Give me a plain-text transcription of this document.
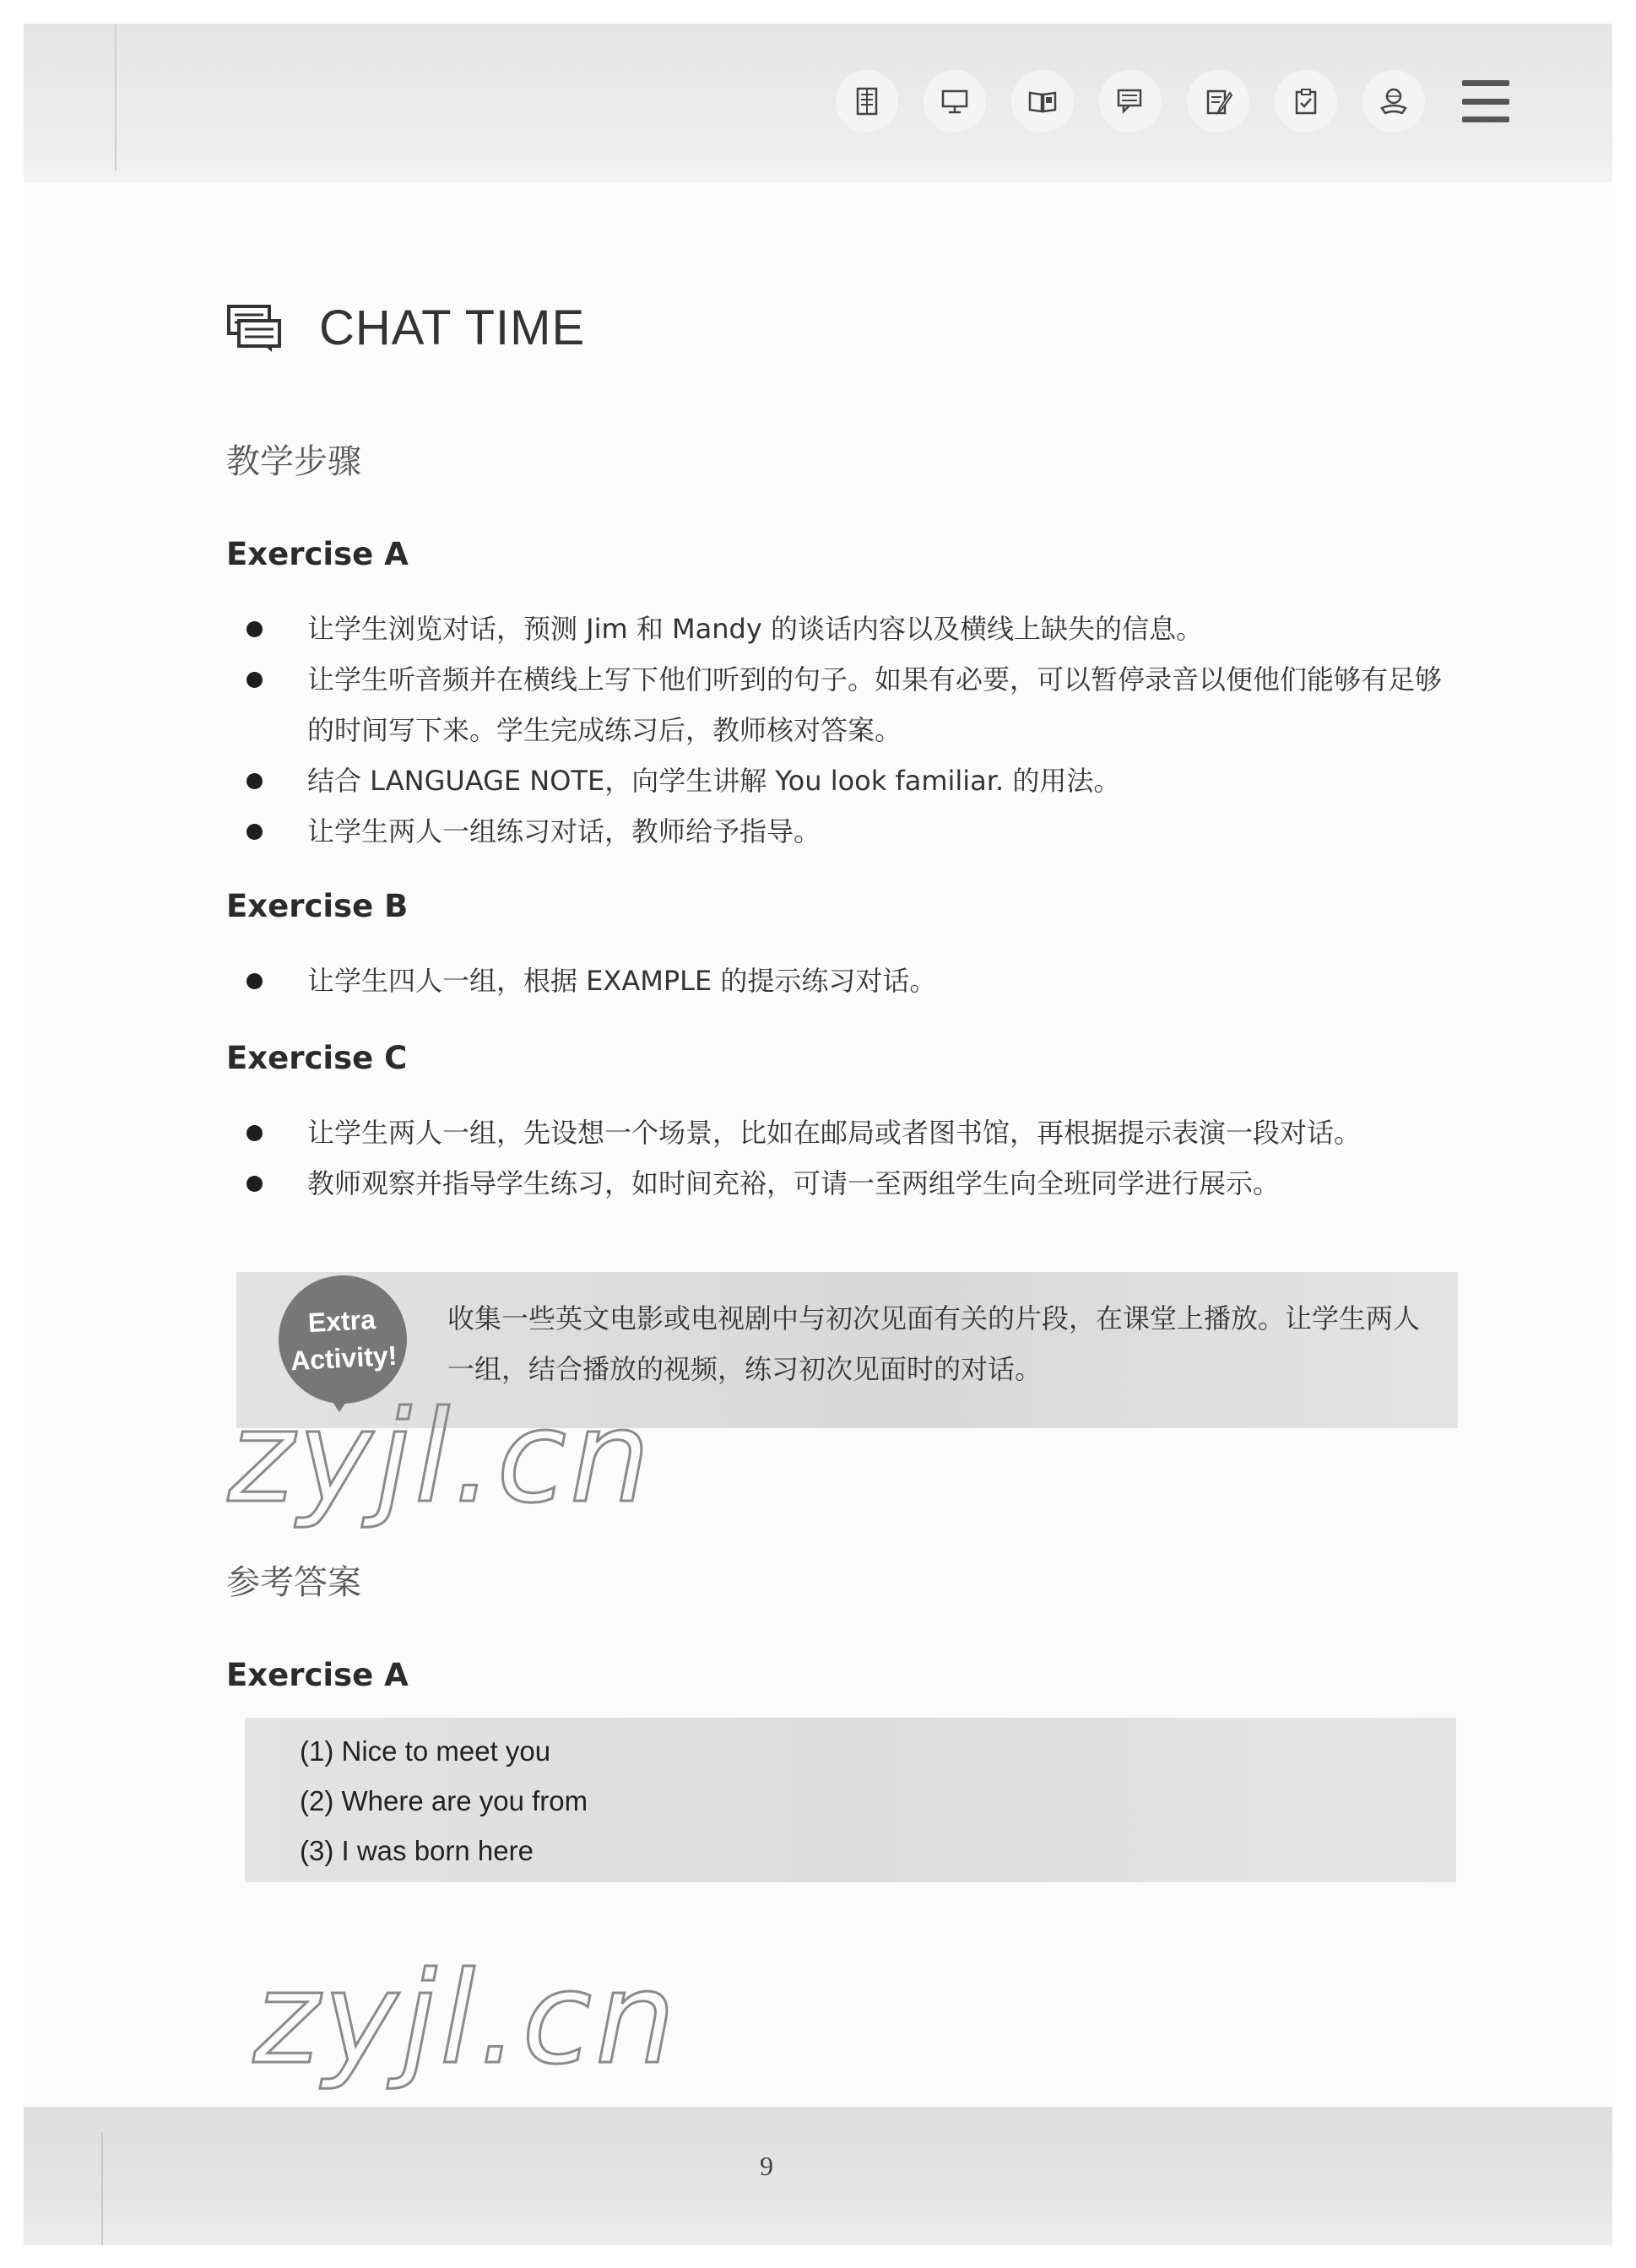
CHAT TIME
教学步骤
Exercise A
让学生浏览对话，预测 Jim 和 Mandy 的谈话内容以及横线上缺失的信息。
让学生听音频并在横线上写下他们听到的句子。如果有必要，可以暂停录音以便他们能够有足够的时间写下来。学生完成练习后，教师核对答案。
结合 LANGUAGE NOTE，向学生讲解 You look familiar. 的用法。
让学生两人一组练习对话，教师给予指导。
Exercise B
让学生四人一组，根据 EXAMPLE 的提示练习对话。
Exercise C
让学生两人一组，先设想一个场景，比如在邮局或者图书馆，再根据提示表演一段对话。
教师观察并指导学生练习，如时间充裕，可请一至两组学生向全班同学进行展示。
Extra
Activity!
收集一些英文电影或电视剧中与初次见面有关的片段，在课堂上播放。让学生两人一组，结合播放的视频，练习初次见面时的对话。
zyjl.cn
参考答案
Exercise A
(1) Nice to meet you
(2) Where are you from
(3) I was born here
zyjl.cn
9
